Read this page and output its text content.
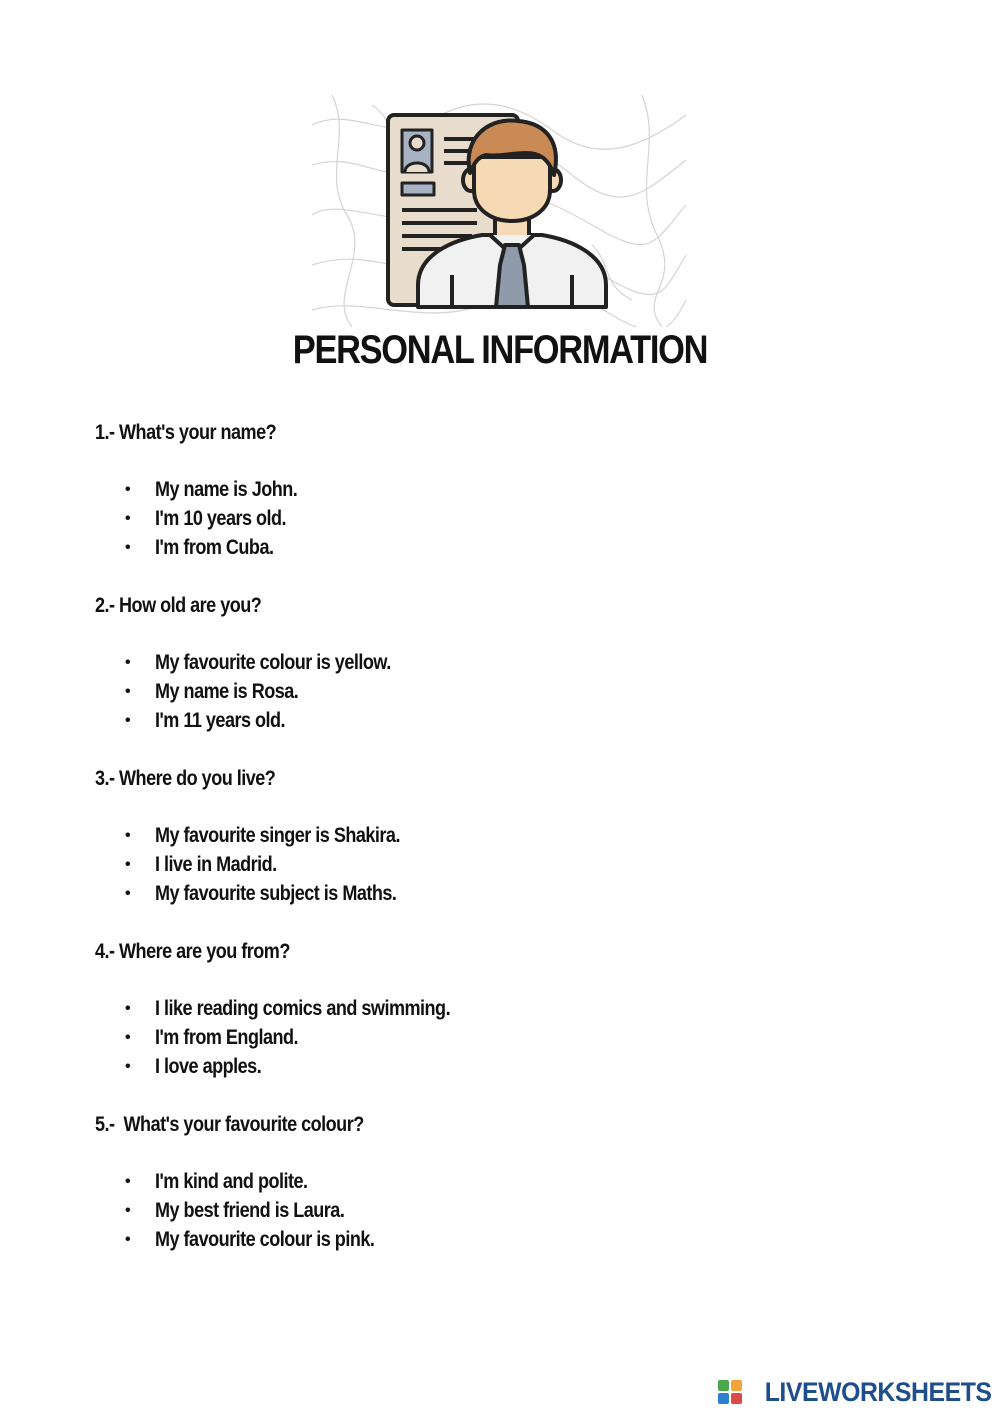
PERSONAL INFORMATION
1.- What's your name?
•	My name is John.
•	I'm 10 years old.
•	I'm from Cuba.
2.- How old are you?
•	My favourite colour is yellow.
•	My name is Rosa.
•	I'm 11 years old.
3.- Where do you live?
•	My favourite singer is Shakira.
•	I live in Madrid.
•	My favourite subject is Maths.
4.- Where are you from?
•	I like reading comics and swimming.
•	I'm from England.
•	I love apples.
5.-  What's your favourite colour?
•	I'm kind and polite.
•	My best friend is Laura.
•	My favourite colour is pink.
LIVEWORKSHEETS
